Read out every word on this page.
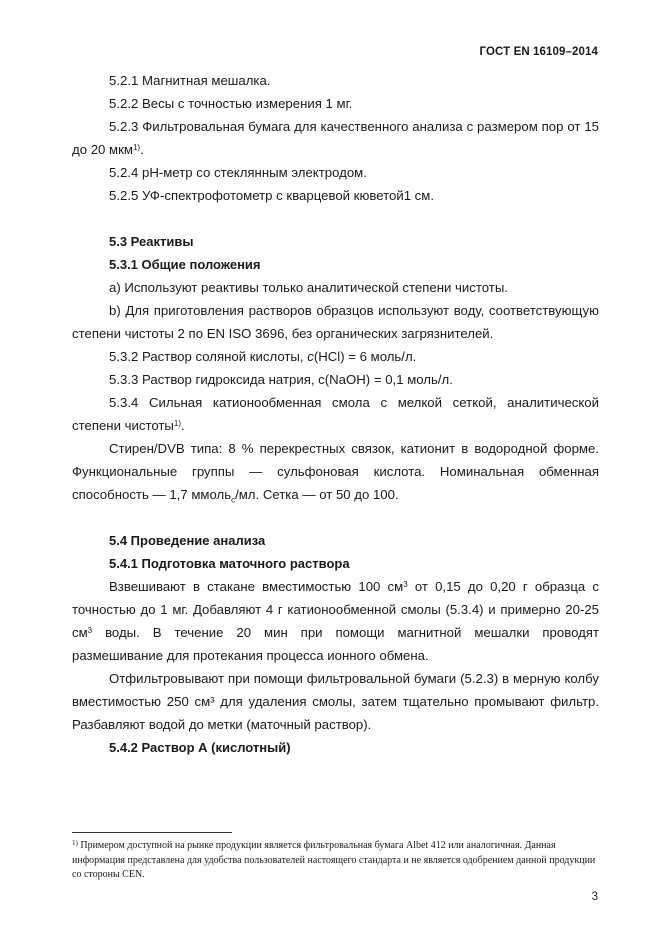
ГОСТ EN 16109–2014

5.2.1 Магнитная мешалка.

5.2.2 Весы с точностью измерения 1 мг.

5.2.3 Фильтровальная бумага для качественного анализа с размером пор от 15 до 20 мкм$^{1)}$.

5.2.4 pH-метр со стеклянным электродом.

5.2.5 УФ-спектрофотометр с кварцевой кюветой1 см.

5.3 Реактивы

5.3.1 Общие положения

a) Используют реактивы только аналитической степени чистоты.

b) Для приготовления растворов образцов используют воду, соответствующую степени чистоты 2 по EN ISO 3696, без органических загрязнителей.

5.3.2 Раствор соляной кислоты, c(HCl) = 6 моль/л.

5.3.3 Раствор гидроксида натрия, c(NaOH) = 0,1 моль/л.

5.3.4 Сильная катионообменная смола с мелкой сеткой, аналитической степени чистоты$^{1)}$.

Стирен/DVB типа: 8 % перекрестных связок, катионит в водородной форме. Функциональные группы — сульфоновая кислота. Номинальная обменная способность — 1,7 ммоль$_c$/мл. Сетка — от 50 до 100.

5.4 Проведение анализа

5.4.1 Подготовка маточного раствора

Взвешивают в стакане вместимостью 100 $см^3$ от 0,15 до 0,20 г образца с точностью до 1 мг. Добавляют 4 г катионообменной смолы (5.3.4) и примерно 20-25 $см^3$ воды. В течение 20 мин при помощи магнитной мешалки проводят размешивание для протекания процесса ионного обмена.

Отфильтровывают при помощи фильтровальной бумаги (5.2.3) в мерную колбу вместимостью 250 см³ для удаления смолы, затем тщательно промывают фильтр. Разбавляют водой до метки (маточный раствор).

5.4.2 Раствор А (кислотный)

$^{1)}$ Примером доступной на рынке продукции является фильтровальная бумага Albet 412 или аналогичная. Данная информация представлена для удобства пользователей настоящего стандарта и не является одобрением данной продукции со стороны CEN.

3
